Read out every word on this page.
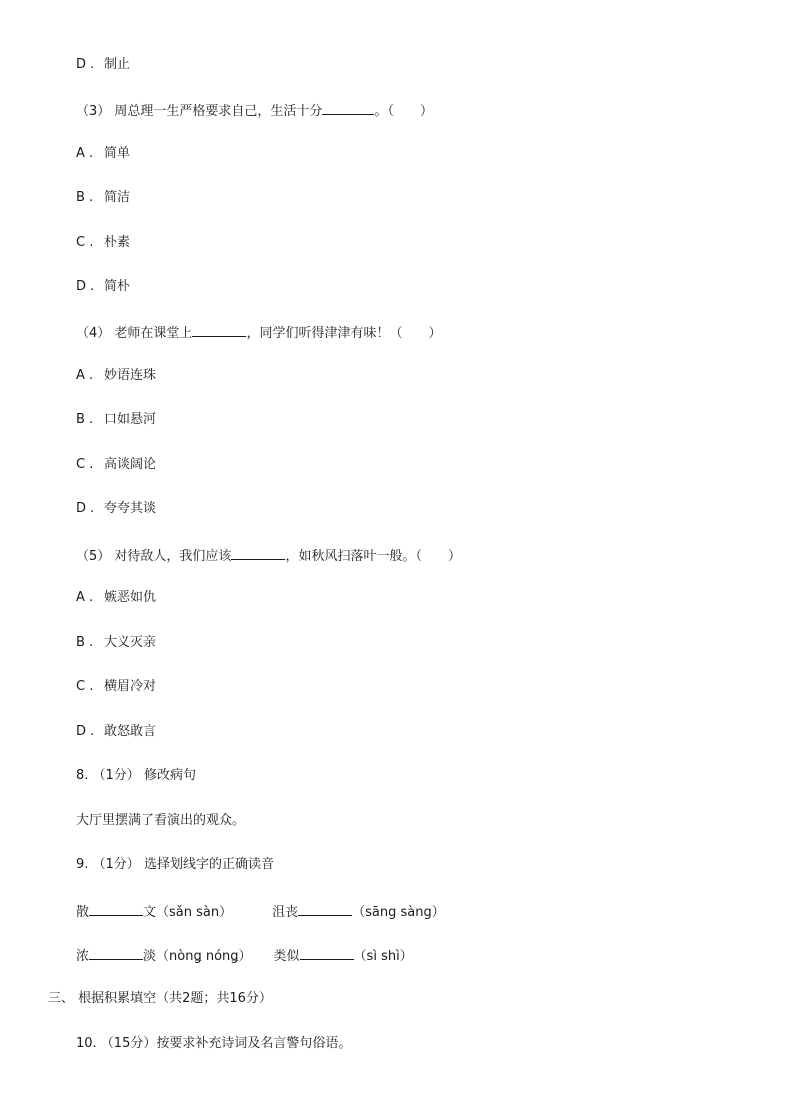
D . 制止
（3） 周总理一生严格要求自己，生活十分	。（　　）
A . 简单
B . 简洁
C . 朴素
D . 简朴
（4） 老师在课堂上	，同学们听得津津有味！（　　）
A . 妙语连珠
B . 口如悬河
C . 高谈阔论
D . 夸夸其谈
（5） 对待敌人，我们应该	，如秋风扫落叶一般。（　　）
A . 嫉恶如仇
B . 大义灭亲
C . 横眉冷对
D . 敢怒敢言
8. （1分） 修改病句
大厅里摆满了看演出的观众。
9. （1分） 选择划线字的正确读音
散	文（sǎn sàn）	沮丧	（sāng sàng）
浓	淡（nònǥ nónǥ） 类似	（sì shì）
三、 根据积累填空（共2题；共16分）
10. （15分）按要求补充诗词及名言警句俗语。
